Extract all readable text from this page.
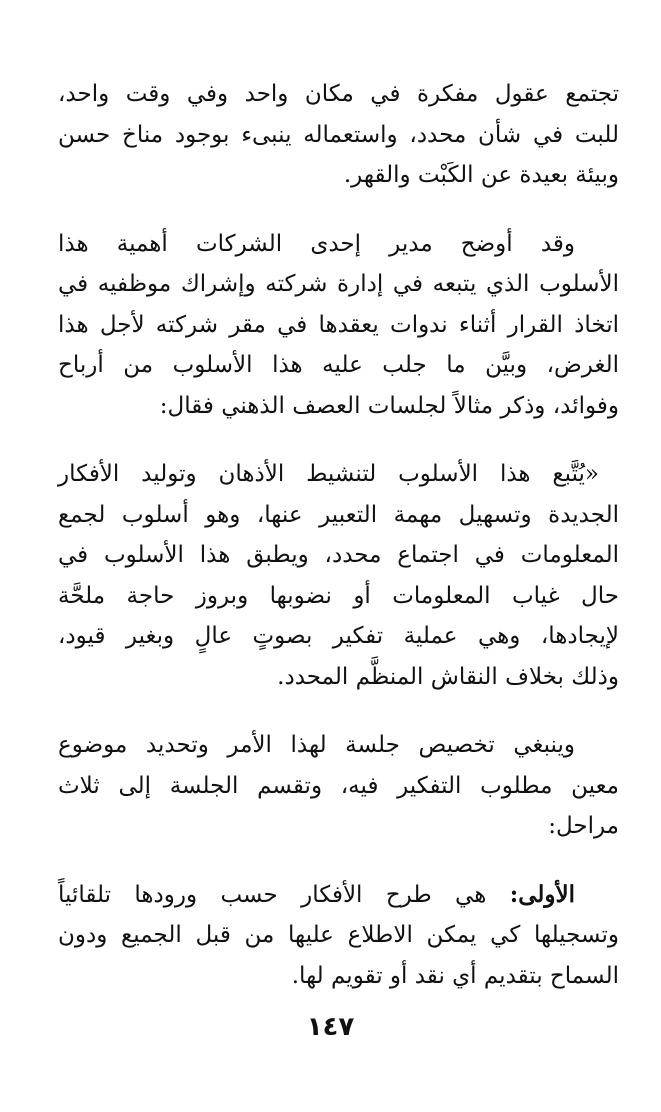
تجتمع عقول مفكرة في مكان واحد وفي وقت واحد،
للبت في شأن محدد، واستعماله ينبىء بوجود مناخ حسن
وبيئة بعيدة عن الكَبْت والقهر.

وقد أوضح مدير إحدى الشركات أهمية هذا
الأسلوب الذي يتبعه في إدارة شركته وإشراك موظفيه في
اتخاذ القرار أثناء ندوات يعقدها في مقر شركته لأجل هذا
الغرض، وبيَّن ما جلب عليه هذا الأسلوب من أرباح
وفوائد، وذكر مثالاً لجلسات العصف الذهني فقال:

«يُتَّبع هذا الأسلوب لتنشيط الأذهان وتوليد الأفكار
الجديدة وتسهيل مهمة التعبير عنها، وهو أسلوب لجمع
المعلومات في اجتماع محدد، ويطبق هذا الأسلوب في
حال غياب المعلومات أو نضوبها وبروز حاجة ملحَّة
لإيجادها، وهي عملية تفكير بصوتٍ عالٍ وبغير قيود،
وذلك بخلاف النقاش المنظَّم المحدد.

وينبغي تخصيص جلسة لهذا الأمر وتحديد موضوع
معين مطلوب التفكير فيه، وتقسم الجلسة إلى ثلاث
مراحل:

الأولى: هي طرح الأفكار حسب ورودها تلقائياً
وتسجيلها كي يمكن الاطلاع عليها من قبل الجميع ودون
السماح بتقديم أي نقد أو تقويم لها.

١٤٧
